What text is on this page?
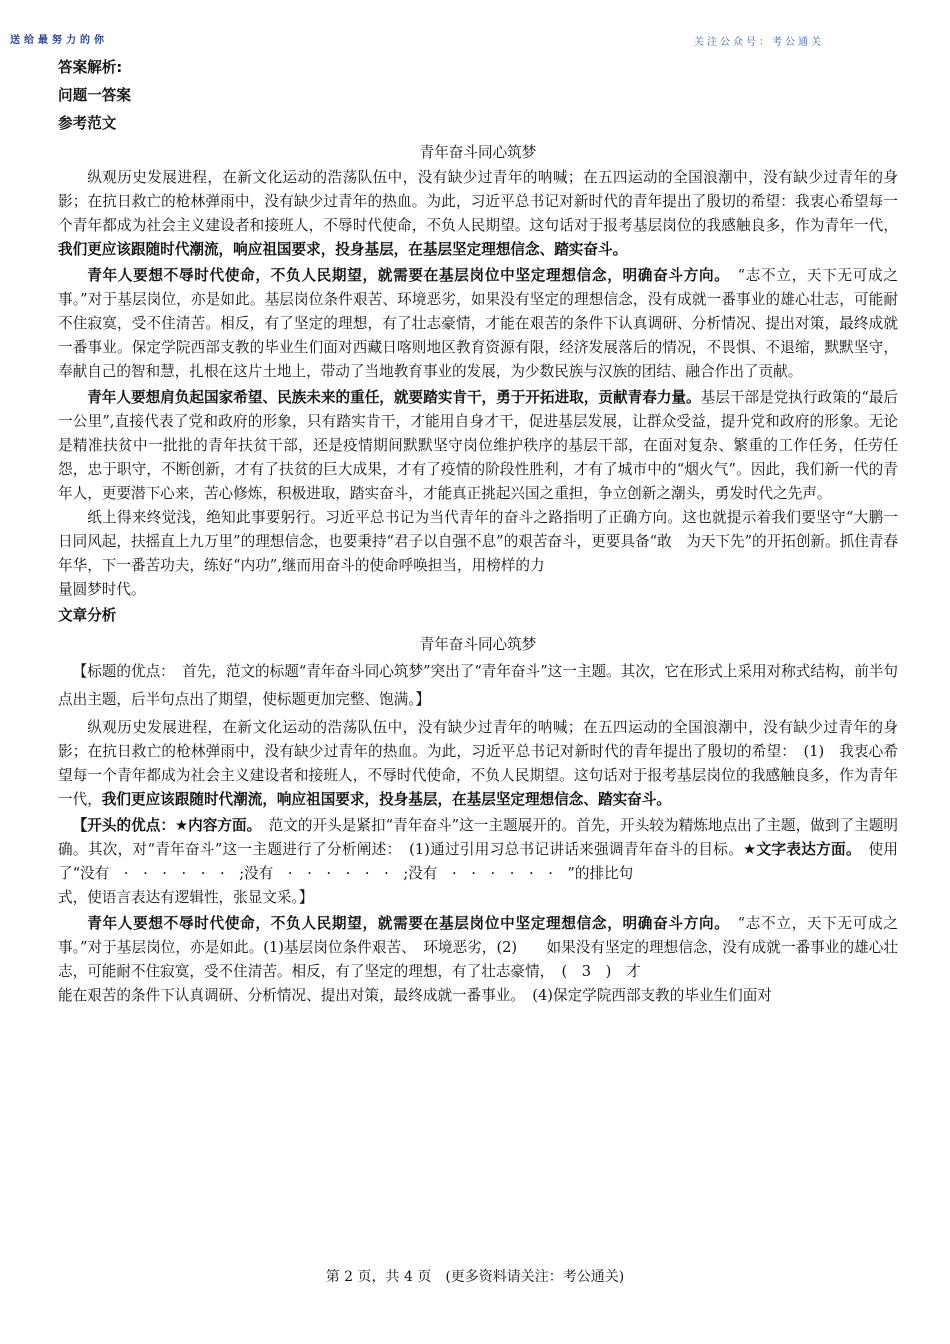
送给最努力的你	关注公众号：考公通关

答案解析:

问题一答案

参考范文

青年奋斗同心筑梦

纵观历史发展进程，在新文化运动的浩荡队伍中，没有缺少过青年的呐喊；在五四运动的全国浪潮中，没有缺少过青年的身影；在抗日救亡的枪林弹雨中，没有缺少过青年的热血。为此，习近平总书记对新时代的青年提出了殷切的希望：我衷心希望每一个青年都成为社会主义建设者和接班人，不辱时代使命，不负人民期望。这句话对于报考基层岗位的我感触良多，作为青年一代，我们更应该跟随时代潮流，响应祖国要求，投身基层，在基层坚定理想信念、踏实奋斗。

青年人要想不辱时代使命，不负人民期望，就需要在基层岗位中坚定理想信念，明确奋斗方向。　“志不立，天下无可成之事。”对于基层岗位，亦是如此。基层岗位条件艰苦、环境恶劣，如果没有坚定的理想信念，没有成就一番事业的雄心壮志，可能耐不住寂寞，受不住清苦。相反，有了坚定的理想，有了壮志豪情，才能在艰苦的条件下认真调研、分析情况、提出对策，最终成就一番事业。保定学院西部支教的毕业生们面对西藏日喀则地区教育资源有限，经济发展落后的情况，不畏惧、不退缩，默默坚守，奉献自己的智和慧，扎根在这片土地上，带动了当地教育事业的发展，为少数民族与汉族的团结、融合作出了贡献。

青年人要想肩负起国家希望、民族未来的重任，就要踏实肯干，勇于开拓进取，贡献青春力量。基层干部是党执行政策的“最后一公里”,直接代表了党和政府的形象，只有踏实肯干，才能用自身才干，促进基层发展，让群众受益，提升党和政府的形象。无论是精准扶贫中一批批的青年扶贫干部，还是疫情期间默默坚守岗位维护秩序的基层干部，在面对复杂、繁重的工作任务，任劳任怨，忠于职守，不断创新，才有了扶贫的巨大成果，才有了疫情的阶段性胜利，才有了城市中的“烟火气”。因此，我们新一代的青年人，更要潜下心来，苦心修炼，积极进取，踏实奋斗，才能真正挑起兴国之重担，争立创新之潮头，勇发时代之先声。

纸上得来终觉浅，绝知此事要躬行。习近平总书记为当代青年的奋斗之路指明了正确方向。这也就提示着我们要坚守“大鹏一　日同风起，扶摇直上九万里”的理想信念，也要秉持“君子以自强不息”的艰苦奋斗，更要具备“敢　为天下先”的开拓创新。抓住青春年华，下一番苦功夫，练好“内功”,继而用奋斗的使命呼唤担当，用榜样的力

量圆梦时代。

文章分析

青年奋斗同心筑梦

【标题的优点：　首先，范文的标题“青年奋斗同心筑梦”突出了“青年奋斗”这一主题。其次，它在形式上采用对称式结构，前半句点出主题，后半句点出了期望，使标题更加完整、饱满。】

纵观历史发展进程，在新文化运动的浩荡队伍中，没有缺少过青年的呐喊；在五四运动的全国浪潮中，没有缺少过青年的身影；在抗日救亡的枪林弹雨中，没有缺少过青年的热血。为此，习近平总书记对新时代的青年提出了殷切的希望：　(1)　我衷心希望每一个青年都成为社会主义建设者和接班人，不辱时代使命，不负人民期望。这句话对于报考基层岗位的我感触良多，作为青年一代，我们更应该跟随时代潮流，响应祖国要求，投身基层，在基层坚定理想信念、踏实奋斗。

【开头的优点：★内容方面。　范文的开头是紧扣“青年奋斗”这一主题展开的。首先，开头较为精炼地点出了主题，做到了主题明确。其次，对“青年奋斗”这一主题进行了分析阐述：　(1)通过引用习总书记讲话来强调青年奋斗的目标。★文字表达方面。　使用了“没有　·　·　·　·　·　·　;没有　·　·　·　·　·　·　;没有　·　·　·　·　·　·　”的排比句

式，使语言表达有逻辑性，张显文采。】

青年人要想不辱时代使命，不负人民期望，就需要在基层岗位中坚定理想信念，明确奋斗方向。　“志不立，天下无可成之事。”对于基层岗位，亦是如此。(1)基层岗位条件艰苦、　环境恶劣，(2)　　如果没有坚定的理想信念，没有成就一番事业的雄心壮志，可能耐不住寂寞，受不住清苦。相反，有了坚定的理想，有了壮志豪情，　(　3　)　才

能在艰苦的条件下认真调研、分析情况、提出对策，最终成就一番事业。　(4)保定学院西部支教的毕业生们面对

第 2 页，共 4 页　(更多资料请关注：考公通关)
